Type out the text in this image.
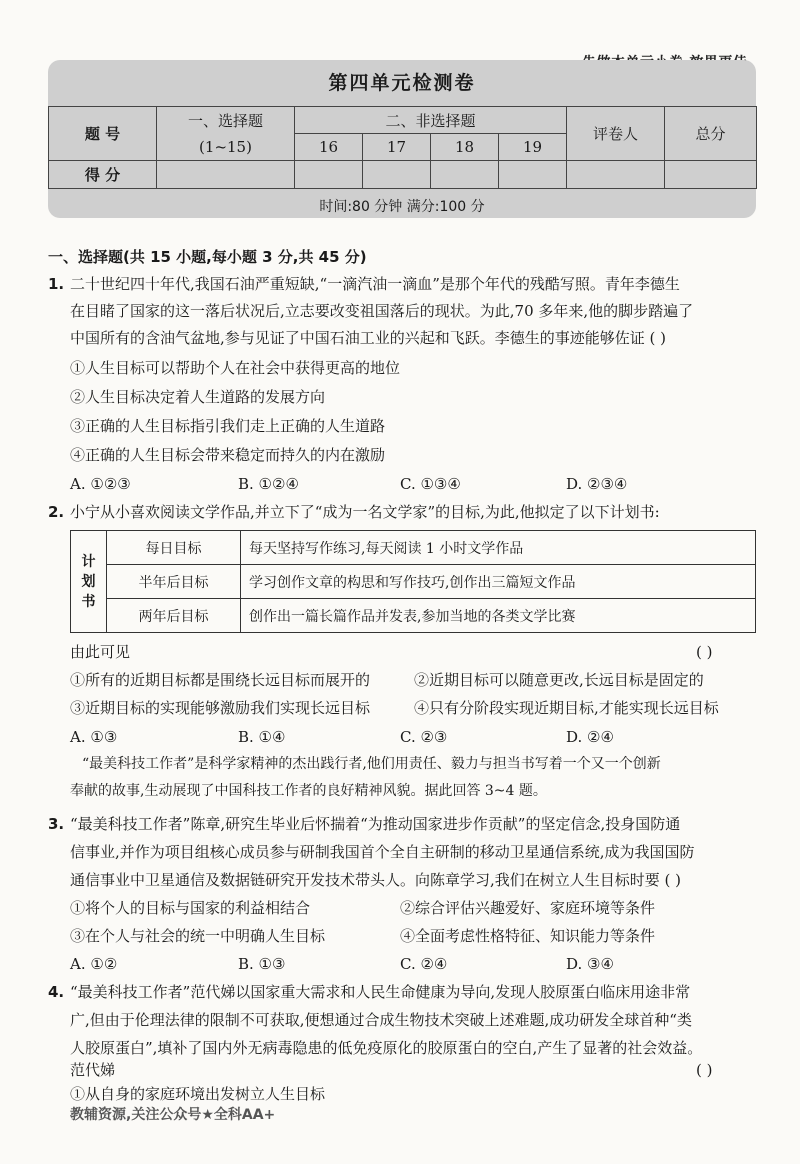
第四单元检测卷
题 号	一、选择题	二、非选择题				评卷人	总分
	(1~15)	16	17	18	19		
得 分							
时间:80 分钟 满分:100 分
一、选择题(共 15 小题,每小题 3 分,共 45 分)
1. 二十世纪四十年代,我国石油严重短缺,“一滴汽油一滴血”是那个年代的残酷写照。青年李德生
在目睹了国家的这一落后状况后,立志要改变祖国落后的现状。为此,70 多年来,他的脚步踏遍了
中国所有的含油气盆地,参与见证了中国石油工业的兴起和飞跃。李德生的事迹能够佐证 ( )
①人生目标可以帮助个人在社会中获得更高的地位
②人生目标决定着人生道路的发展方向
③正确的人生目标指引我们走上正确的人生道路
④正确的人生目标会带来稳定而持久的内在激励
A. ①②③	B. ①②④	C. ①③④	D. ②③④
2. 小宁从小喜欢阅读文学作品,并立下了“成为一名文学家”的目标,为此,他拟定了以下计划书:
计
划
书	每日目标	每天坚持写作练习,每天阅读 1 小时文学作品
	半年后目标	学习创作文章的构思和写作技巧,创作出三篇短文作品
	两年后目标	创作出一篇长篇作品并发表,参加当地的各类文学比赛
由此可见	( )
①所有的近期目标都是围绕长远目标而展开的	②近期目标可以随意更改,长远目标是固定的
③近期目标的实现能够激励我们实现长远目标	④只有分阶段实现近期目标,才能实现长远目标
A. ①③	B. ①④	C. ②③	D. ②④
“最美科技工作者”是科学家精神的杰出践行者,他们用责任、毅力与担当书写着一个又一个创新
奉献的故事,生动展现了中国科技工作者的良好精神风貌。据此回答 3~4 题。
3. “最美科技工作者”陈章,研究生毕业后怀揣着“为推动国家进步作贡献”的坚定信念,投身国防通
信事业,并作为项目组核心成员参与研制我国首个全自主研制的移动卫星通信系统,成为我国国防
通信事业中卫星通信及数据链研究开发技术带头人。向陈章学习,我们在树立人生目标时要 ( )
①将个人的目标与国家的利益相结合	②综合评估兴趣爱好、家庭环境等条件
③在个人与社会的统一中明确人生目标	④全面考虑性格特征、知识能力等条件
A. ①②	B. ①③	C. ②④	D. ③④
4. “最美科技工作者”范代娣以国家重大需求和人民生命健康为导向,发现人胶原蛋白临床用途非常
广,但由于伦理法律的限制不可获取,便想通过合成生物技术突破上述难题,成功研发全球首种“类
人胶原蛋白”,填补了国内外无病毒隐患的低免疫原化的胶原蛋白的空白,产生了显著的社会效益。
范代娣	( )
①从自身的家庭环境出发树立人生目标
教辅资源,关注公众号★全科AA+
